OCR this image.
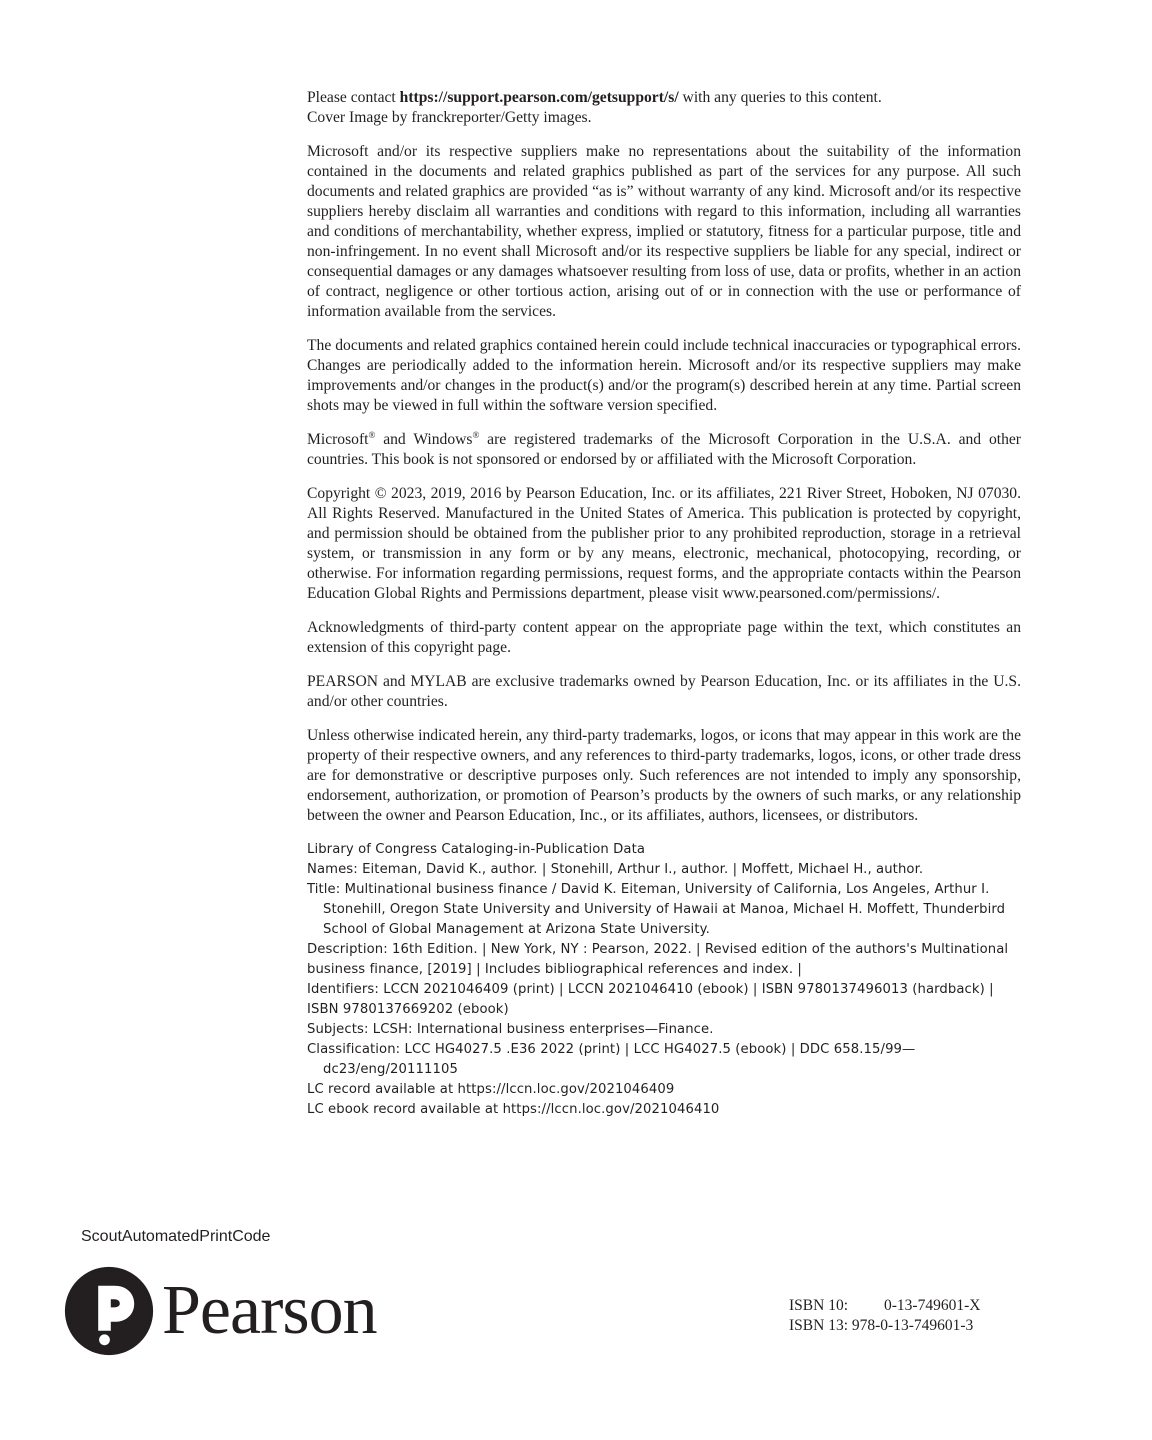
Please contact https://support.pearson.com/getsupport/s/ with any queries to this content.

Cover Image by franckreporter/Getty images.

Microsoft and/or its respective suppliers make no representations about the suitability of the information contained in the documents and related graphics published as part of the services for any purpose. All such documents and related graphics are provided “as is” without warranty of any kind. Microsoft and/or its respective suppliers hereby disclaim all warranties and conditions with regard to this information, including all warranties and conditions of merchantability, whether express, implied or statutory, fitness for a particular purpose, title and non-infringement. In no event shall Microsoft and/or its respective suppliers be liable for any special, indirect or consequential damages or any damages whatsoever resulting from loss of use, data or profits, whether in an action of contract, negligence or other tortious action, arising out of or in connection with the use or performance of information available from the services.

The documents and related graphics contained herein could include technical inaccuracies or typographical errors. Changes are periodically added to the information herein. Microsoft and/or its respective suppliers may make improvements and/or changes in the product(s) and/or the program(s) described herein at any time. Partial screen shots may be viewed in full within the software version specified.

Microsoft® and Windows® are registered trademarks of the Microsoft Corporation in the U.S.A. and other countries. This book is not sponsored or endorsed by or affiliated with the Microsoft Corporation.

Copyright © 2023, 2019, 2016 by Pearson Education, Inc. or its affiliates, 221 River Street, Hoboken, NJ 07030. All Rights Reserved. Manufactured in the United States of America. This publication is protected by copyright, and permission should be obtained from the publisher prior to any prohibited reproduction, storage in a retrieval system, or transmission in any form or by any means, electronic, mechanical, photocopying, recording, or otherwise. For information regarding permissions, request forms, and the appropriate contacts within the Pearson Education Global Rights and Permissions department, please visit www.pearsoned.com/permissions/.

Acknowledgments of third-party content appear on the appropriate page within the text, which constitutes an extension of this copyright page.

PEARSON and MYLAB are exclusive trademarks owned by Pearson Education, Inc. or its affiliates in the U.S. and/or other countries.

Unless otherwise indicated herein, any third-party trademarks, logos, or icons that may appear in this work are the property of their respective owners, and any references to third-party trademarks, logos, icons, or other trade dress are for demonstrative or descriptive purposes only. Such references are not intended to imply any sponsorship, endorsement, authorization, or promotion of Pearson’s products by the owners of such marks, or any relationship between the owner and Pearson Education, Inc., or its affiliates, authors, licensees, or distributors.

Library of Congress Cataloging-in-Publication Data

Names: Eiteman, David K., author. | Stonehill, Arthur I., author. | Moffett, Michael H., author.

Title: Multinational business finance / David K. Eiteman, University of California, Los Angeles, Arthur I. Stonehill, Oregon State University and University of Hawaii at Manoa, Michael H. Moffett, Thunderbird School of Global Management at Arizona State University.

Description: 16th Edition. | New York, NY : Pearson, 2022. | Revised edition of the authors's Multinational business finance, [2019] | Includes bibliographical references and index. |

Identifiers: LCCN 2021046409 (print) | LCCN 2021046410 (ebook) | ISBN 9780137496013 (hardback) | ISBN 9780137669202 (ebook)

Subjects: LCSH: International business enterprises—Finance.

Classification: LCC HG4027.5 .E36 2022 (print) | LCC HG4027.5 (ebook) | DDC 658.15/99—dc23/eng/20111105

LC record available at https://lccn.loc.gov/2021046409

LC ebook record available at https://lccn.loc.gov/2021046410

ScoutAutomatedPrintCode
Pearson	ISBN 10:	0-13-749601-X
ISBN 13:
978-0-13-749601-3
